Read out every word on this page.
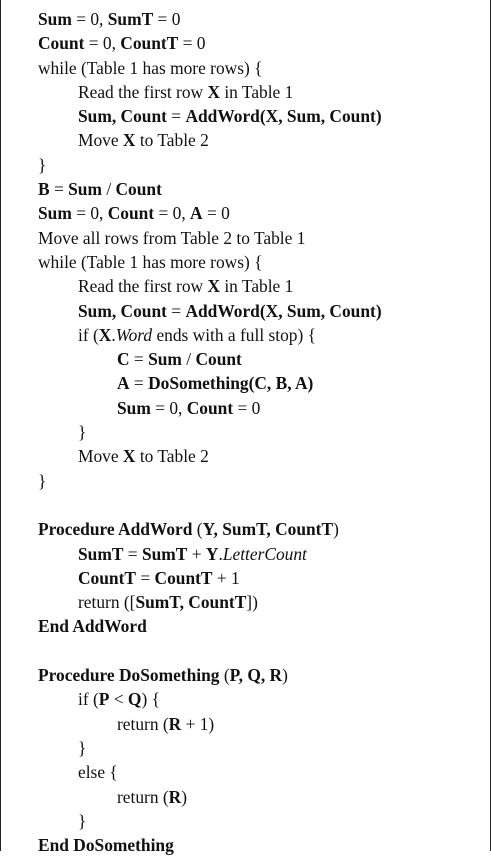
Sum = 0, SumT = 0
Count = 0, CountT = 0
while (Table 1 has more rows) {
Read the first row X in Table 1
Sum, Count = AddWord(X, Sum, Count)
Move X to Table 2
}
B = Sum / Count
Sum = 0, Count = 0, A = 0
Move all rows from Table 2 to Table 1
while (Table 1 has more rows) {
Read the first row X in Table 1
Sum, Count = AddWord(X, Sum, Count)
if (X.Word ends with a full stop) {
C = Sum / Count
A = DoSomething(C, B, A)
Sum = 0, Count = 0
}
Move X to Table 2
}
Procedure AddWord (Y, SumT, CountT)
SumT = SumT + Y.LetterCount
CountT = CountT + 1
return ([SumT, CountT])
End AddWord
Procedure DoSomething (P, Q, R)
if (P < Q) {
return (R + 1)
}
else {
return (R)
}
End DoSomething
